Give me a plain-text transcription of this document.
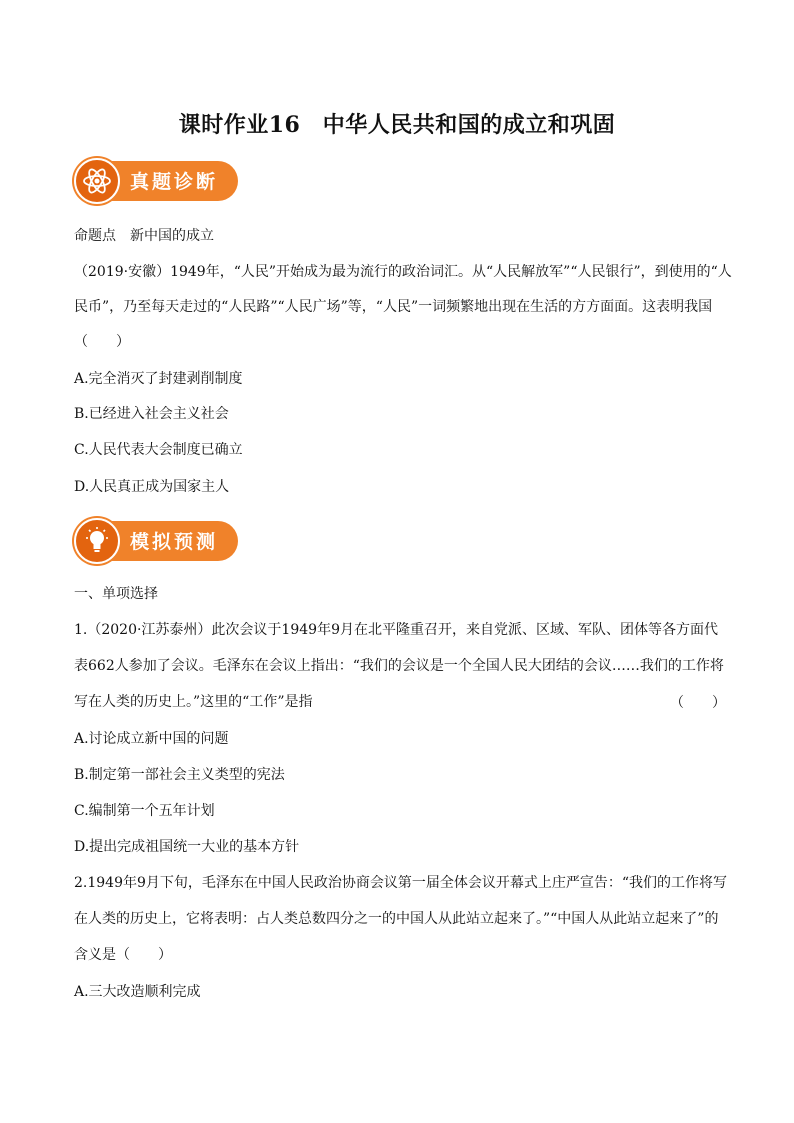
课时作业16　中华人民共和国的成立和巩固
真题诊断
命题点　新中国的成立
（2019·安徽）1949年，“人民”开始成为最为流行的政治词汇。从“人民解放军”“人民银行”，到使用的“人
民币”，乃至每天走过的“人民路”“人民广场”等，“人民”一词频繁地出现在生活的方方面面。这表明我国
（　　）
A.完全消灭了封建剥削制度
B.已经进入社会主义社会
C.人民代表大会制度已确立
D.人民真正成为国家主人
模拟预测
一、单项选择
1.（2020·江苏泰州）此次会议于1949年9月在北平隆重召开，来自党派、区域、军队、团体等各方面代
表662人参加了会议。毛泽东在会议上指出：“我们的会议是一个全国人民大团结的会议……我们的工作将
写在人类的历史上。”这里的“工作”是指	（　　）
A.讨论成立新中国的问题
B.制定第一部社会主义类型的宪法
C.编制第一个五年计划
D.提出完成祖国统一大业的基本方针
2.1949年9月下旬，毛泽东在中国人民政治协商会议第一届全体会议开幕式上庄严宣告：“我们的工作将写
在人类的历史上，它将表明：占人类总数四分之一的中国人从此站立起来了。”“中国人从此站立起来了”的
含义是（　　）
A.三大改造顺利完成
